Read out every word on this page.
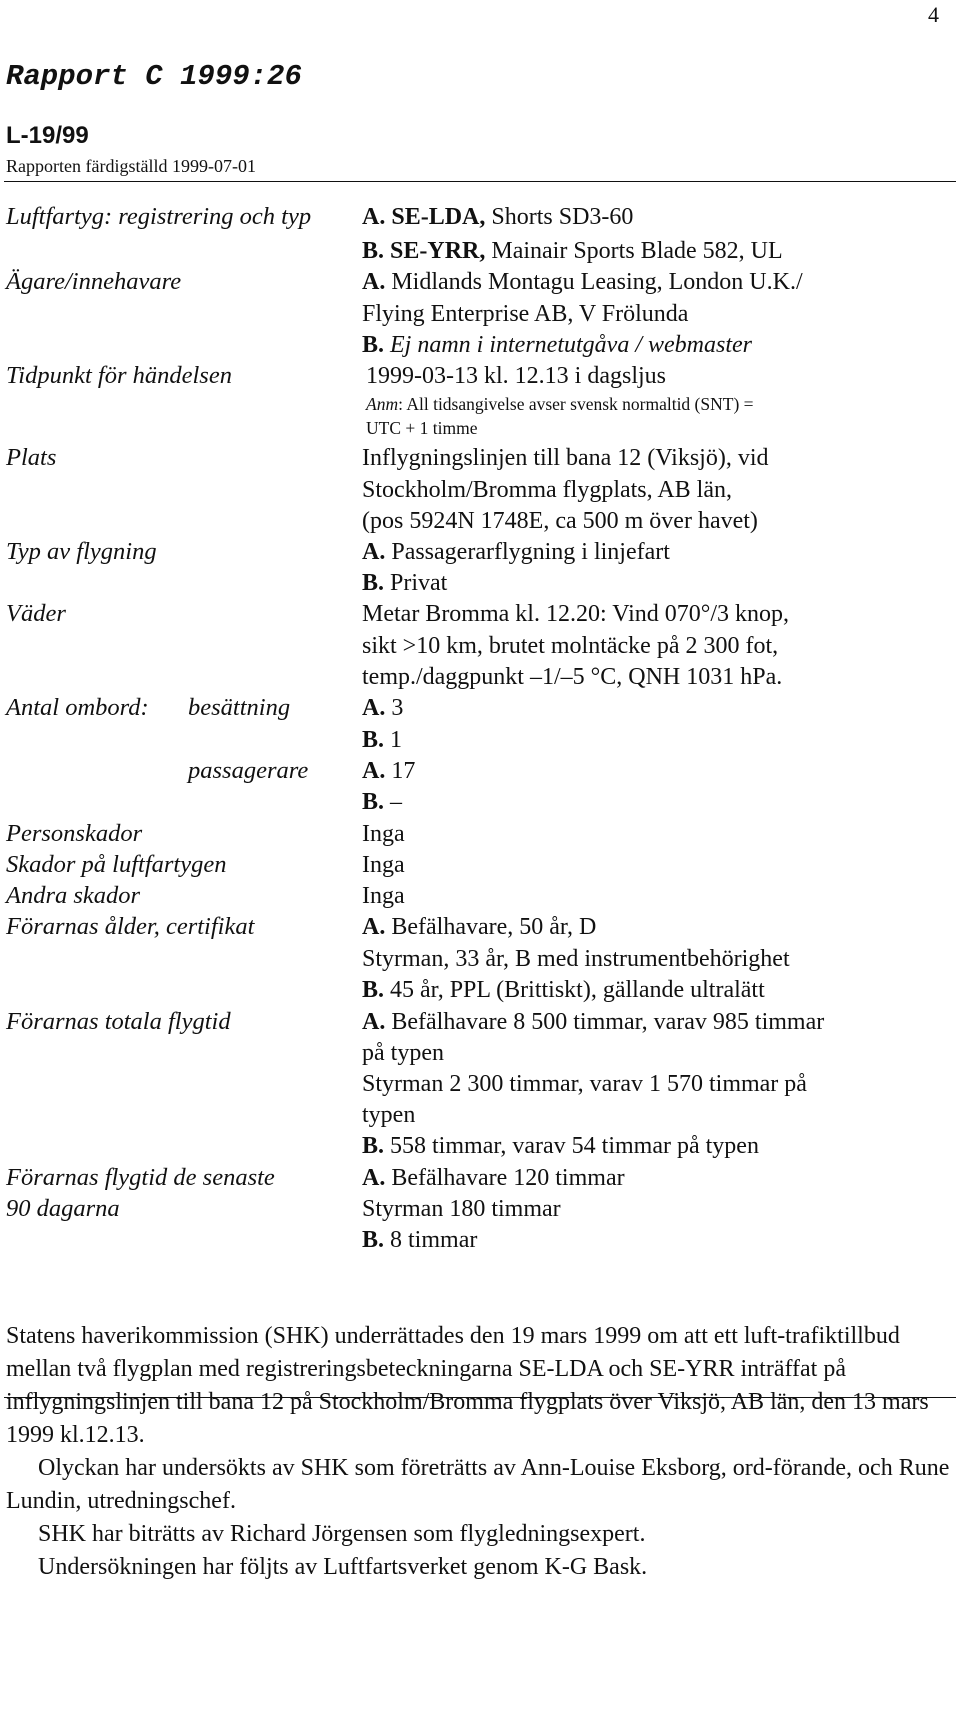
4
Rapport C 1999:26
L-19/99
Rapporten färdigställd 1999-07-01
Luftfartyg: registrering och typ A. SE-LDA, Shorts SD3-60
B. SE-YRR, Mainair Sports Blade 582, UL
Ägare/innehavare	A. Midlands Montagu Leasing, London U.K./
Flying Enterprise AB, V Frölunda
B. Ej namn i internetutgåva / webmaster
Tidpunkt för händelsen	1999-03-13 kl. 12.13 i dagsljus
Anm: All tidsangivelse avser svensk normaltid (SNT) =
UTC + 1 timme
Plats	Inflygningslinjen till bana 12 (Viksjö), vid
Stockholm/Bromma flygplats, AB län,
(pos 5924N 1748E, ca 500 m över havet)
Typ av flygning	A. Passagerarflygning i linjefart
B. Privat
Väder	Metar Bromma kl. 12.20: Vind 070°/3 knop,
sikt >10 km, brutet molntäcke på 2 300 fot,
temp./daggpunkt –1/–5 °C, QNH 1031 hPa.
Antal ombord: besättning	A. 3
B. 1
passagerare A. 17
B. –
Personskador	Inga
Skador på luftfartygen	Inga
Andra skador	Inga
Förarnas ålder, certifikat	A. Befälhavare, 50 år, D
Styrman, 33 år, B med instrumentbehörighet
B. 45 år, PPL (Brittiskt), gällande ultralätt
Förarnas totala flygtid	A. Befälhavare 8 500 timmar, varav 985 timmar
på typen
Styrman 2 300 timmar, varav 1 570 timmar på
typen
B. 558 timmar, varav 54 timmar på typen
Förarnas flygtid de senaste
90 dagarna
A. Befälhavare 120 timmar
Styrman 180 timmar
B. 8 timmar

Statens haverikommission (SHK) underrättades den 19 mars 1999 om att ett luft-trafiktillbud mellan två flygplan med registreringsbeteckningarna SE-LDA och SE-YRR inträffat på inflygningslinjen till bana 12 på Stockholm/Bromma flygplats över Viksjö, AB län, den 13 mars 1999 kl.12.13.

Olyckan har undersökts av SHK som företrätts av Ann-Louise Eksborg, ord-förande, och Rune Lundin, utredningschef.

SHK har biträtts av Richard Jörgensen som flygledningsexpert.

Undersökningen har följts av Luftfartsverket genom K-G Bask.
